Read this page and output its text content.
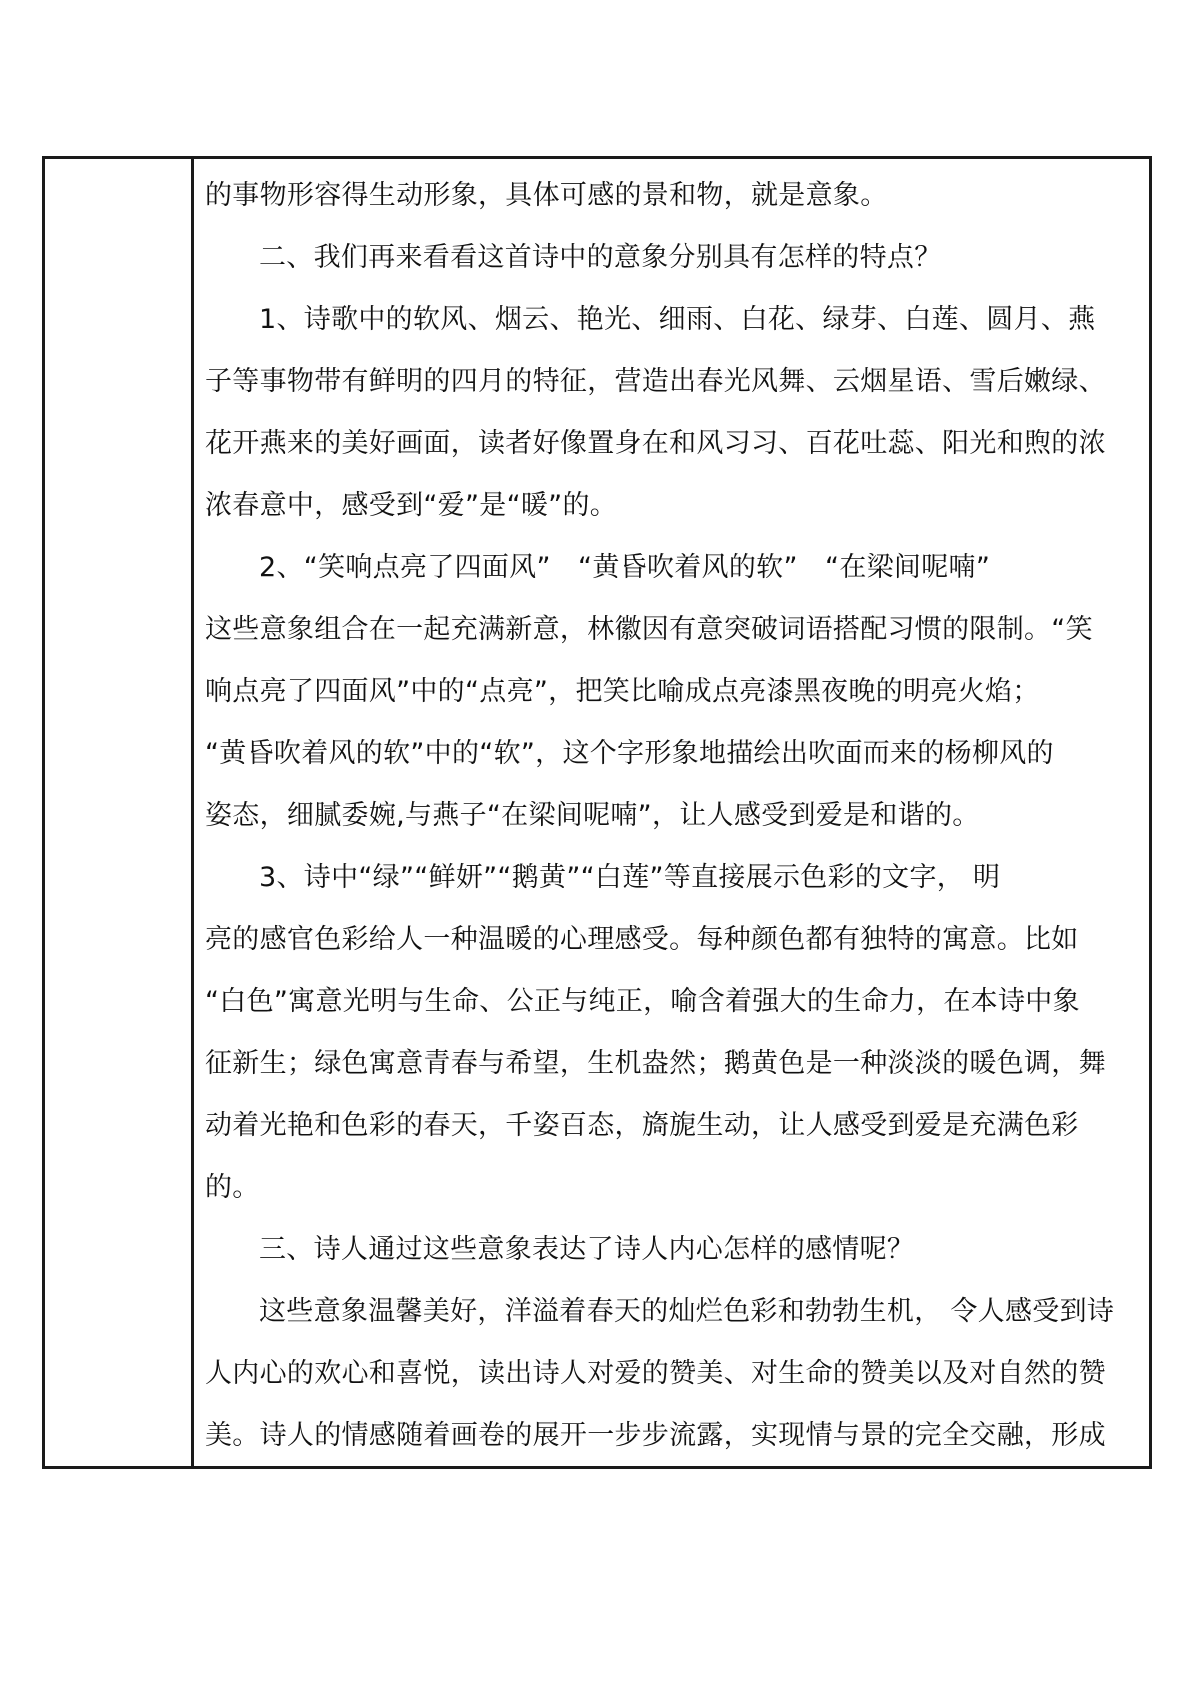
的事物形容得生动形象，具体可感的景和物，就是意象。

二、我们再来看看这首诗中的意象分别具有怎样的特点？

1、诗歌中的软风、烟云、艳光、细雨、白花、绿芽、白莲、圆月、燕
子等事物带有鲜明的四月的特征，营造出春光风舞、云烟星语、雪后嫩绿、
花开燕来的美好画面，读者好像置身在和风习习、百花吐蕊、阳光和煦的浓
浓春意中，感受到“爱”是“暖”的。

2、“笑响点亮了四面风”　“黄昏吹着风的软”　“在梁间呢喃”
这些意象组合在一起充满新意，林徽因有意突破词语搭配习惯的限制。“笑
响点亮了四面风”中的“点亮”，把笑比喻成点亮漆黑夜晚的明亮火焰；
“黄昏吹着风的软”中的“软”，这个字形象地描绘出吹面而来的杨柳风的
姿态，细腻委婉,与燕子“在梁间呢喃”，让人感受到爱是和谐的。

3、诗中“绿”“鲜妍”“鹅黄”“白莲”等直接展示色彩的文字， 明
亮的感官色彩给人一种温暖的心理感受。每种颜色都有独特的寓意。比如
“白色”寓意光明与生命、公正与纯正，喻含着强大的生命力，在本诗中象
征新生；绿色寓意青春与希望，生机盎然；鹅黄色是一种淡淡的暖色调，舞
动着光艳和色彩的春天，千姿百态，旖旎生动，让人感受到爱是充满色彩
的。

三、诗人通过这些意象表达了诗人内心怎样的感情呢？

这些意象温馨美好，洋溢着春天的灿烂色彩和勃勃生机， 令人感受到诗
人内心的欢心和喜悦，读出诗人对爱的赞美、对生命的赞美以及对自然的赞
美。诗人的情感随着画卷的展开一步步流露，实现情与景的完全交融，形成
